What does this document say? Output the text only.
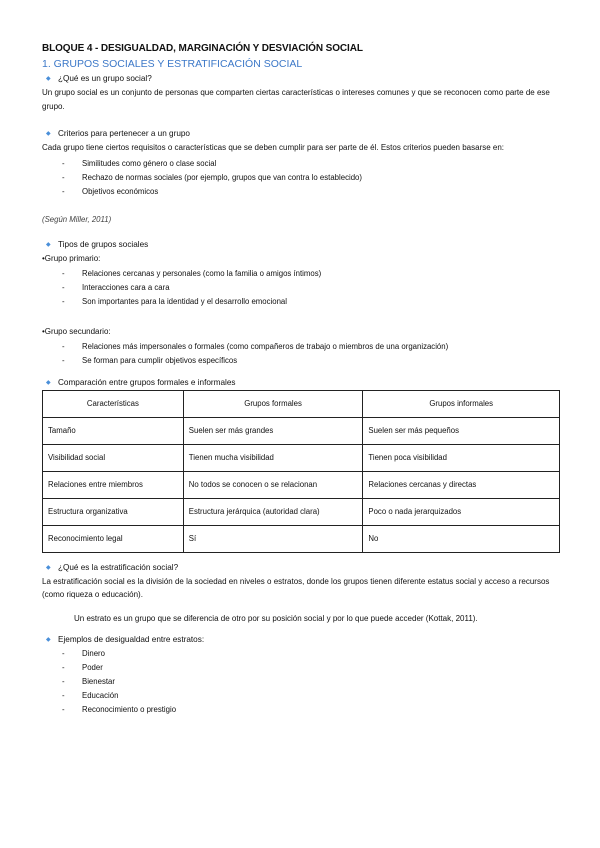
BLOQUE 4 - DESIGUALDAD, MARGINACIÓN Y DESVIACIÓN SOCIAL
1. GRUPOS SOCIALES Y ESTRATIFICACIÓN SOCIAL
◆ ¿Qué es un grupo social?

Un grupo social es un conjunto de personas que comparten ciertas características o intereses comunes y que se reconocen como parte de ese grupo.

◆ Criterios para pertenecer a un grupo

Cada grupo tiene ciertos requisitos o características que se deben cumplir para ser parte de él. Estos criterios pueden basarse en:

-	Similitudes como género o clase social
-	Rechazo de normas sociales (por ejemplo, grupos que van contra lo establecido)
-	Objetivos económicos

(Según Miller, 2011)

◆ Tipos de grupos sociales

•Grupo primario:

-	Relaciones cercanas y personales (como la familia o amigos íntimos)
-	Interacciones cara a cara
-	Son importantes para la identidad y el desarrollo emocional

•Grupo secundario:

-	Relaciones más impersonales o formales (como compañeros de trabajo o miembros de una organización)
-	Se forman para cumplir objetivos específicos
◆ Comparación entre grupos formales e informales
Características	Grupos formales	Grupos informales
Tamaño	Suelen ser más grandes	Suelen ser más pequeños
Visibilidad social	Tienen mucha visibilidad	Tienen poca visibilidad
Relaciones entre miembros	No todos se conocen o se relacionan	Relaciones cercanas y directas
Estructura organizativa	Estructura jerárquica (autoridad clara)	Poco o nada jerarquizados
Reconocimiento legal	Sí	No
◆ ¿Qué es la estratificación social?

La estratificación social es la división de la sociedad en niveles o estratos, donde los grupos tienen diferente estatus social y acceso a recursos (como riqueza o educación).

Un estrato es un grupo que se diferencia de otro por su posición social y por lo que puede acceder (Kottak, 2011).

◆ Ejemplos de desigualdad entre estratos:
-	Dinero
-	Poder
-	Bienestar
-	Educación
-	Reconocimiento o prestigio
